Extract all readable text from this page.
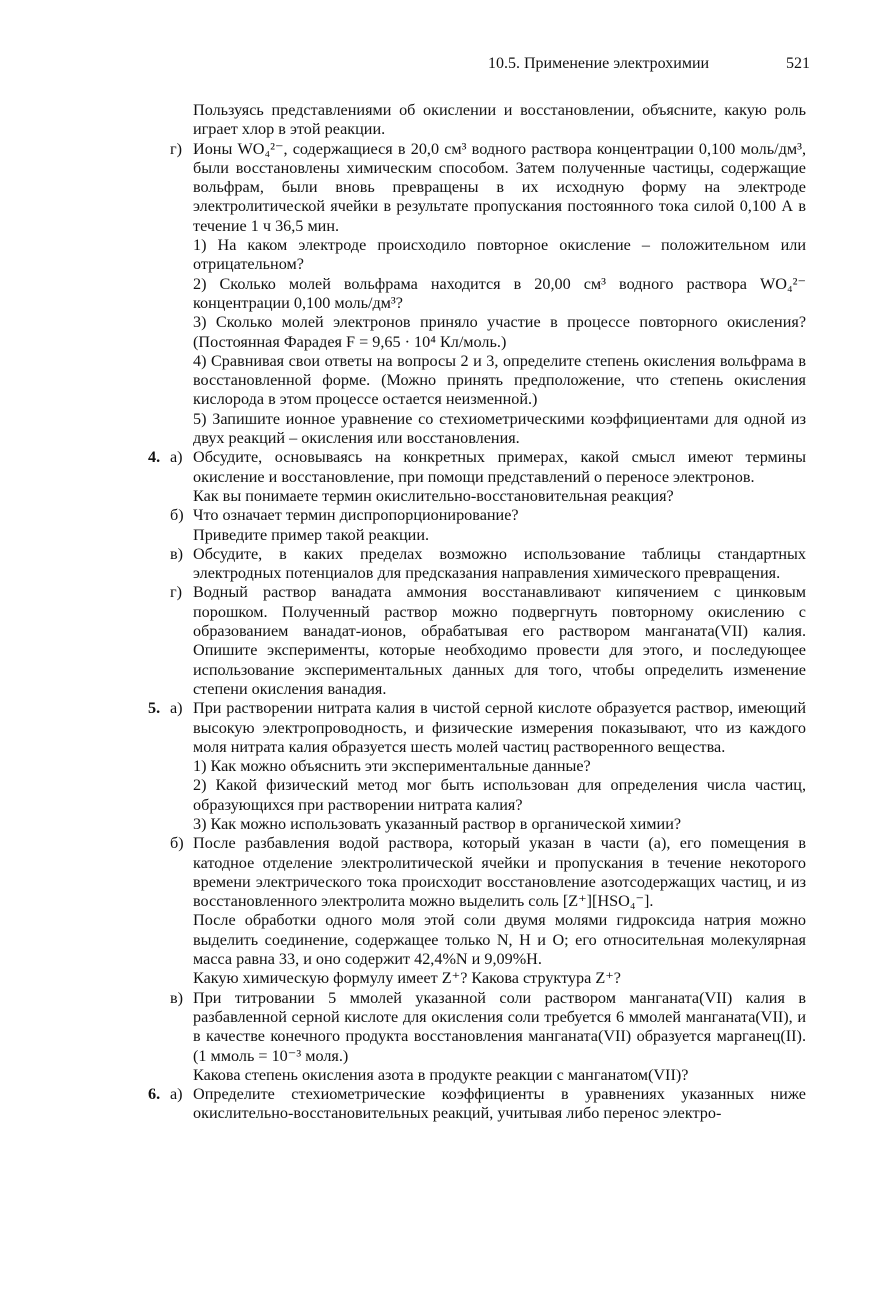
10.5. Применение электрохимии	521

Пользуясь представлениями об окислении и восстановлении, объясните, какую роль играет хлор в этой реакции.

г) Ионы WO₄²⁻, содержащиеся в 20,0 см³ водного раствора концентрации 0,100 моль/дм³, были восстановлены химическим способом. Затем полученные частицы, содержащие вольфрам, были вновь превращены в их исходную форму на электроде электролитической ячейки в результате пропускания постоянного тока силой 0,100 А в течение 1 ч 36,5 мин.

1) На каком электроде происходило повторное окисление – положительном или отрицательном?

2) Сколько молей вольфрама находится в 20,00 см³ водного раствора WO₄²⁻ концентрации 0,100 моль/дм³?

3) Сколько молей электронов приняло участие в процессе повторного окисления? (Постоянная Фарадея F = 9,65 · 10⁴ Кл/моль.)

4) Сравнивая свои ответы на вопросы 2 и 3, определите степень окисления вольфрама в восстановленной форме. (Можно принять предположение, что степень окисления кислорода в этом процессе остается неизменной.)

5) Запишите ионное уравнение со стехиометрическими коэффициентами для одной из двух реакций – окисления или восстановления.

4. а) Обсудите, основываясь на конкретных примерах, какой смысл имеют термины окисление и восстановление, при помощи представлений о переносе электронов.

Как вы понимаете термин окислительно-восстановительная реакция?

б) Что означает термин диспропорционирование?

Приведите пример такой реакции.

в) Обсудите, в каких пределах возможно использование таблицы стандартных электродных потенциалов для предсказания направления химического превращения.

г) Водный раствор ванадата аммония восстанавливают кипячением с цинковым порошком. Полученный раствор можно подвергнуть повторному окислению с образованием ванадат-ионов, обрабатывая его раствором манганата(VII) калия. Опишите эксперименты, которые необходимо провести для этого, и последующее использование экспериментальных данных для того, чтобы определить изменение степени окисления ванадия.

5. а) При растворении нитрата калия в чистой серной кислоте образуется раствор, имеющий высокую электропроводность, и физические измерения показывают, что из каждого моля нитрата калия образуется шесть молей частиц растворенного вещества.

1) Как можно объяснить эти экспериментальные данные?

2) Какой физический метод мог быть использован для определения числа частиц, образующихся при растворении нитрата калия?

3) Как можно использовать указанный раствор в органической химии?

б) После разбавления водой раствора, который указан в части (а), его помещения в катодное отделение электролитической ячейки и пропускания в течение некоторого времени электрического тока происходит восстановление азотсодержащих частиц, и из восстановленного электролита можно выделить соль [Z⁺][HSO₄⁻].

После обработки одного моля этой соли двумя молями гидроксида натрия можно выделить соединение, содержащее только N, H и O; его относительная молекулярная масса равна 33, и оно содержит 42,4%N и 9,09%H.

Какую химическую формулу имеет Z⁺? Какова структура Z⁺?

в) При титровании 5 ммолей указанной соли раствором манганата(VII) калия в разбавленной серной кислоте для окисления соли требуется 6 ммолей манганата(VII), и в качестве конечного продукта восстановления манганата(VII) образуется марганец(II). (1 ммоль = 10⁻³ моля.)

Какова степень окисления азота в продукте реакции с манганатом(VII)?

6. а) Определите стехиометрические коэффициенты в уравнениях указанных ниже окислительно-восстановительных реакций, учитывая либо перенос электро-
